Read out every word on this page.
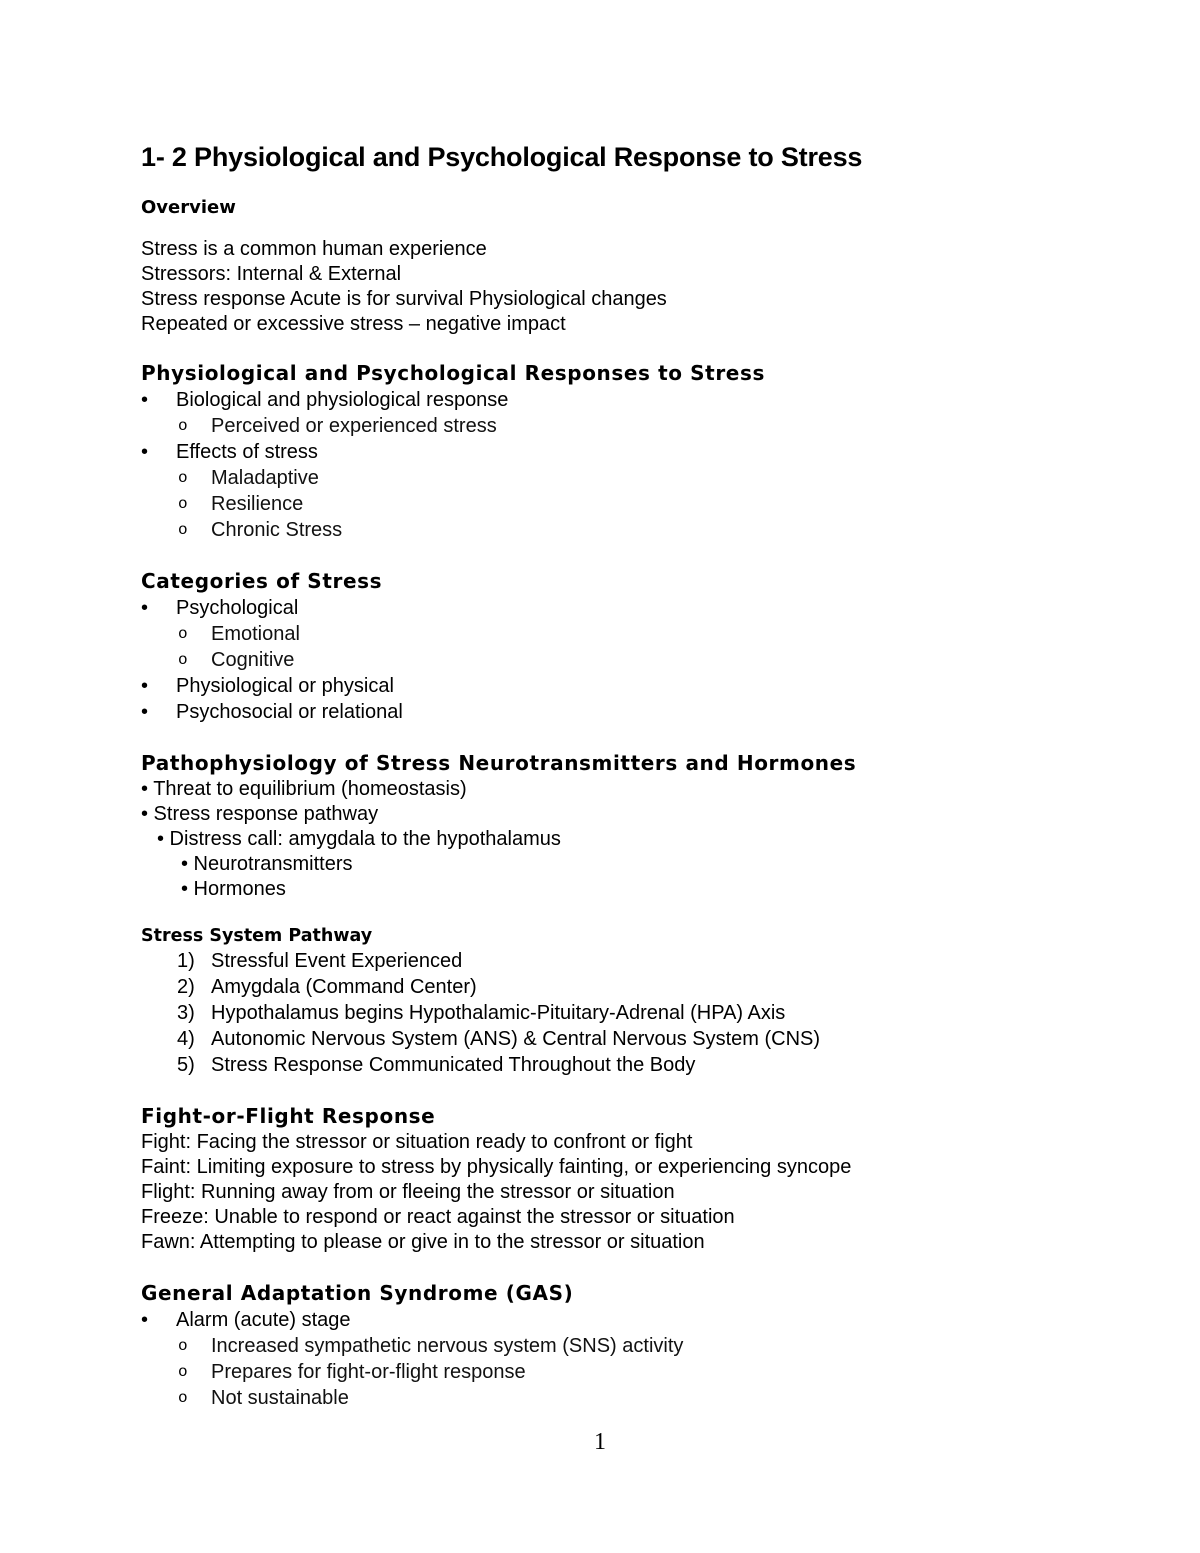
1- 2 Physiological and Psychological Response to Stress
Overview
Stress is a common human experience
Stressors: Internal & External
Stress response Acute is for survival Physiological changes
Repeated or excessive stress – negative impact
Physiological and Psychological Responses to Stress
• Biological and physiological response
o Perceived or experienced stress
• Effects of stress
o Maladaptive
o Resilience
o Chronic Stress
Categories of Stress
• Psychological
o Emotional
o Cognitive
• Physiological or physical
• Psychosocial or relational
Pathophysiology of Stress Neurotransmitters and Hormones
• Threat to equilibrium (homeostasis)
• Stress response pathway
• Distress call: amygdala to the hypothalamus
• Neurotransmitters
• Hormones
Stress System Pathway
1) Stressful Event Experienced
2) Amygdala (Command Center)
3) Hypothalamus begins Hypothalamic-Pituitary-Adrenal (HPA) Axis
4) Autonomic Nervous System (ANS) & Central Nervous System (CNS)
5) Stress Response Communicated Throughout the Body
Fight-or-Flight Response
Fight: Facing the stressor or situation ready to confront or fight
Faint: Limiting exposure to stress by physically fainting, or experiencing syncope
Flight: Running away from or fleeing the stressor or situation
Freeze: Unable to respond or react against the stressor or situation
Fawn: Attempting to please or give in to the stressor or situation
General Adaptation Syndrome (GAS)
• Alarm (acute) stage
o Increased sympathetic nervous system (SNS) activity
o Prepares for fight-or-flight response
o Not sustainable
1
